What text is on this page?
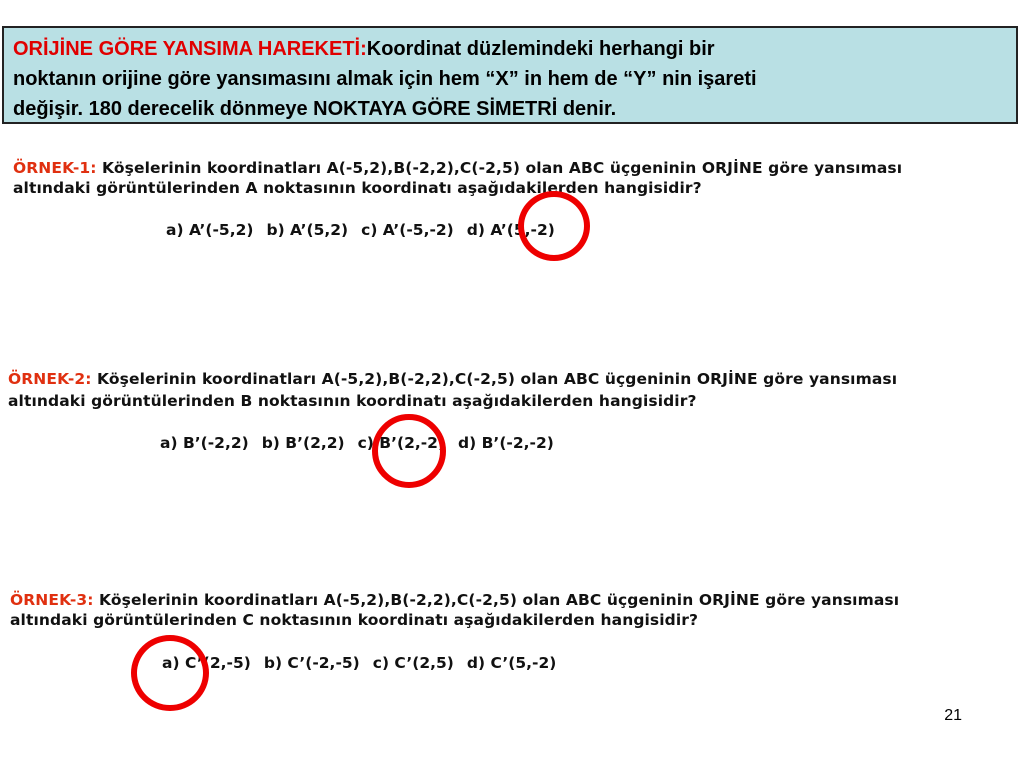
ORİJİNE GÖRE YANSIMA HAREKETİ:Koordinat düzlemindeki herhangi bir
noktanın orijine göre yansımasını almak için hem “X” in hem de “Y” nin işareti
değişir. 180 derecelik dönmeye NOKTAYA GÖRE SİMETRİ denir.
ÖRNEK-1: Köşelerinin koordinatları A(-5,2),B(-2,2),C(-2,5) olan ABC üçgeninin ORJİNE göre yansıması
altındaki görüntülerinden A noktasının koordinatı aşağıdakilerden hangisidir?
a) A’(-5,2) b) A’(5,2) c) A’(-5,-2) d) A’(5,-2)
ÖRNEK-2: Köşelerinin koordinatları A(-5,2),B(-2,2),C(-2,5) olan ABC üçgeninin ORJİNE göre yansıması
altındaki görüntülerinden B noktasının koordinatı aşağıdakilerden hangisidir?
a) B’(-2,2) b) B’(2,2) c) B’(2,-2) d) B’(-2,-2)
ÖRNEK-3: Köşelerinin koordinatları A(-5,2),B(-2,2),C(-2,5) olan ABC üçgeninin ORJİNE göre yansıması
altındaki görüntülerinden C noktasının koordinatı aşağıdakilerden hangisidir?
a) C’(2,-5) b) C’(-2,-5) c) C’(2,5) d) C’(5,-2)
21
